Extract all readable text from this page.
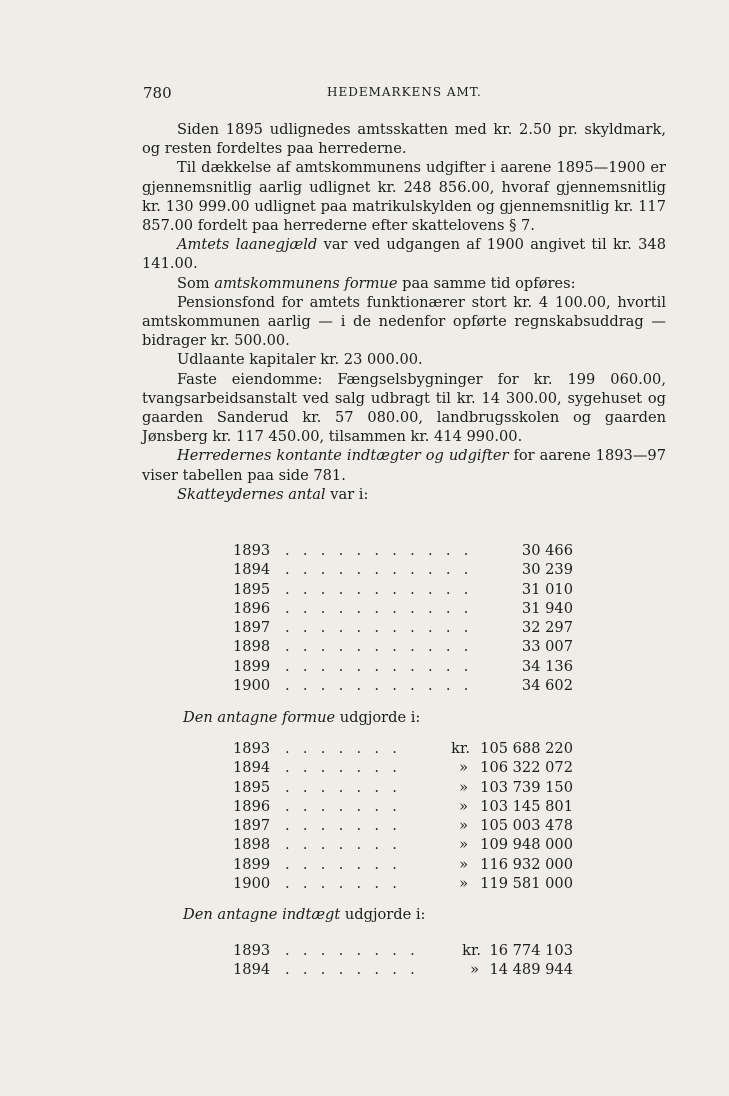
780	HEDEMARKENS AMT.

Siden 1895 udlignedes amtsskatten med kr. 2.50 pr. skyldmark, og resten fordeltes paa herrederne.

Til dækkelse af amtskommunens udgifter i aarene 1895—1900 er gjennemsnitlig aarlig udlignet kr. 248 856.00, hvoraf gjennemsnitlig kr. 130 999.00 udlignet paa matrikulskylden og gjennemsnitlig kr. 117 857.00 fordelt paa herrederne efter skattelovens § 7.

Amtets laanegjæld var ved udgangen af 1900 angivet til kr. 348 141.00.

Som amtskommunens formue paa samme tid opføres:

Pensionsfond for amtets funktionærer stort kr. 4 100.00, hvortil amtskommunen aarlig — i de nedenfor opførte regnskabsuddrag — bidrager kr. 500.00.

Udlaante kapitaler kr. 23 000.00.

Faste eiendomme: Fængselsbygninger for kr. 199 060.00, tvangsarbeidsanstalt ved salg udbragt til kr. 14 300.00, sygehuset og gaarden Sanderud kr. 57 080.00, landbrugsskolen og gaarden Jønsberg kr. 117 450.00, tilsammen kr. 414 990.00.

Herredernes kontante indtægter og udgifter for aarene 1893—97 viser tabellen paa side 781.

Skatteydernes antal var i:

1893 . . . . . . . . . . .	30 466
1894 . . . . . . . . . . .	30 239
1895 . . . . . . . . . . .	31 010
1896 . . . . . . . . . . .	31 940
1897 . . . . . . . . . . .	32 297
1898 . . . . . . . . . . .	33 007
1899 . . . . . . . . . . .	34 136
1900 . . . . . . . . . . .	34 602
Den antagne formue udgjorde i:
1893 . . . . . . .	kr. 105 688 220
1894 . . . . . . .	» 106 322 072
1895 . . . . . . .	» 103 739 150
1896 . . . . . . .	» 103 145 801
1897 . . . . . . .	» 105 003 478
1898 . . . . . . .	» 109 948 000
1899 . . . . . . .	» 116 932 000
1900 . . . . . . .	» 119 581 000
Den antagne indtægt udgjorde i:
1893 . . . . . . . .	kr. 16 774 103
1894 . . . . . . . .	» 14 489 944
